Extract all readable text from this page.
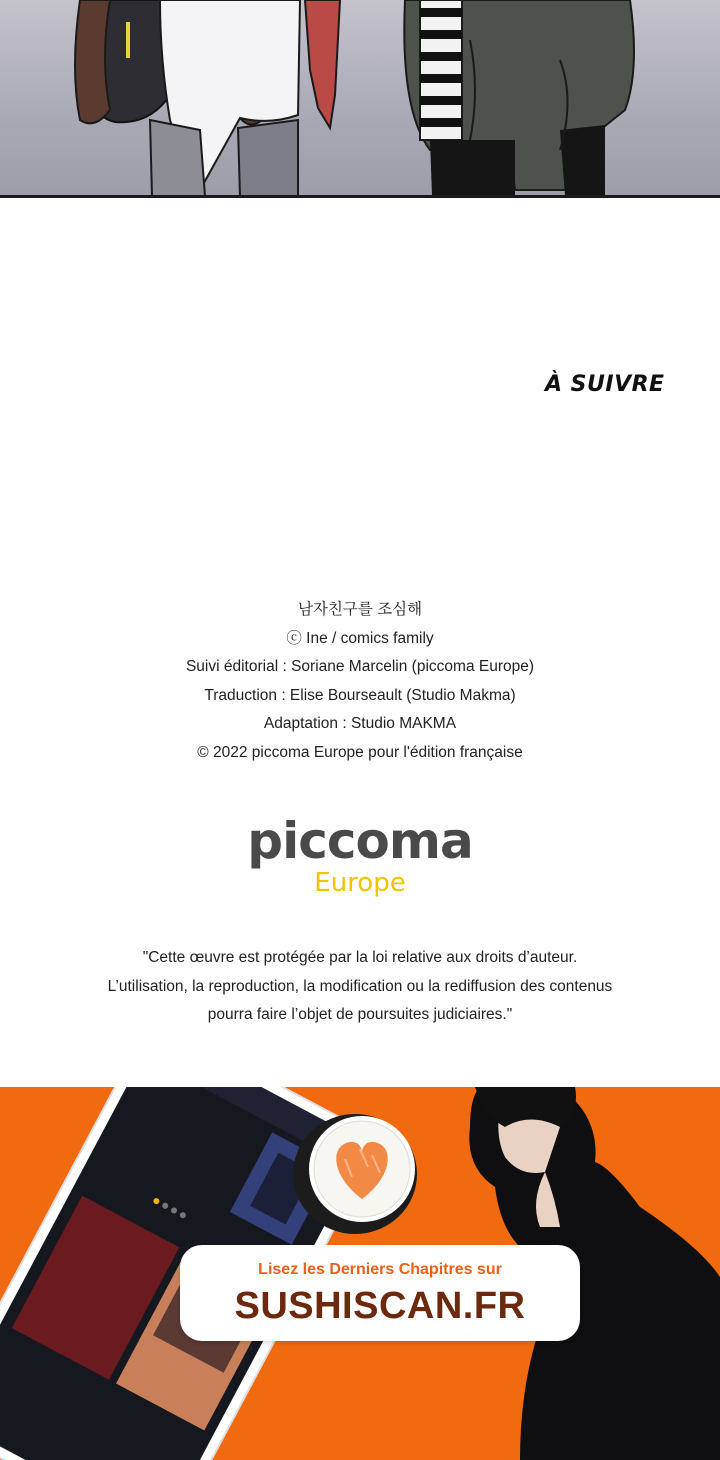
À SUIVRE
남자친구를 조심해
ⓒ Ine / comics family
Suivi éditorial : Soriane Marcelin (piccoma Europe)
Traduction : Elise Bourseault (Studio Makma)
Adaptation : Studio MAKMA
© 2022 piccoma Europe pour l'édition française
piccoma
Europe
"Cette œuvre est protégée par la loi relative aux droits d’auteur.
L’utilisation, la reproduction, la modification ou la rediffusion des contenus
pourra faire l’objet de poursuites judiciaires."
Lisez les Derniers Chapitres sur
SUSHISCAN.FR
